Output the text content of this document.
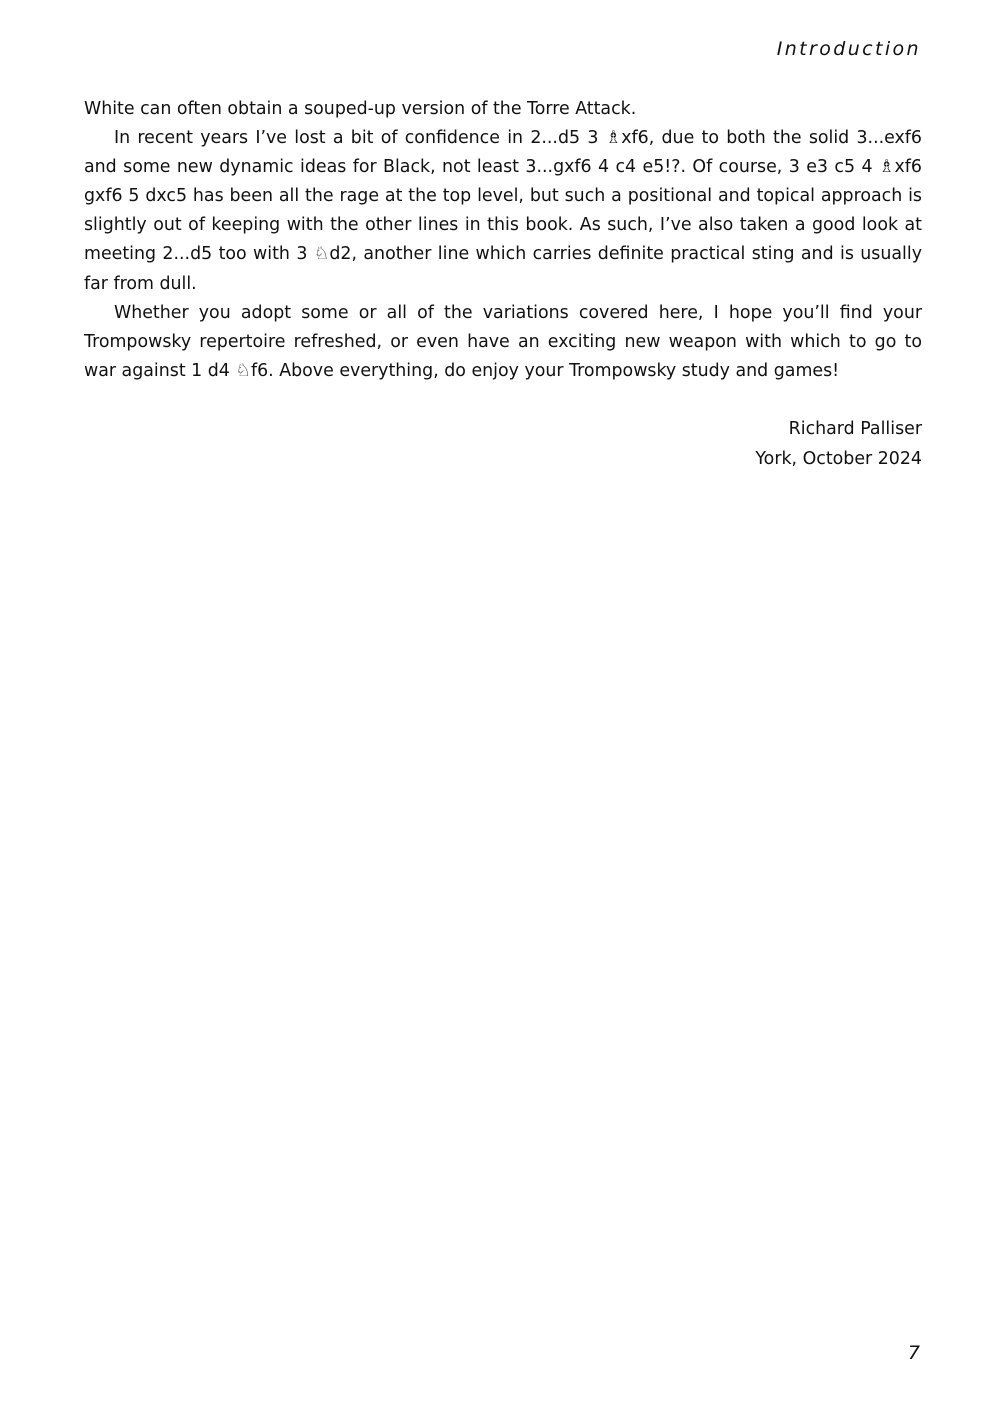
Introduction

White can often obtain a souped-up version of the Torre Attack.

In recent years I’ve lost a bit of confidence in 2...d5 3 ♗xf6, due to both the solid 3...exf6 and some new dynamic ideas for Black, not least 3...gxf6 4 c4 e5!?. Of course, 3 e3 c5 4 ♗xf6 gxf6 5 dxc5 has been all the rage at the top level, but such a positional and topical approach is slightly out of keeping with the other lines in this book. As such, I’ve also taken a good look at meeting 2...d5 too with 3 ♘d2, another line which carries definite practical sting and is usually far from dull.

Whether you adopt some or all of the variations covered here, I hope you’ll find your Trompowsky repertoire refreshed, or even have an exciting new weapon with which to go to war against 1 d4 ♘f6. Above everything, do enjoy your Trompowsky study and games!

Richard Palliser
York, October 2024
7
